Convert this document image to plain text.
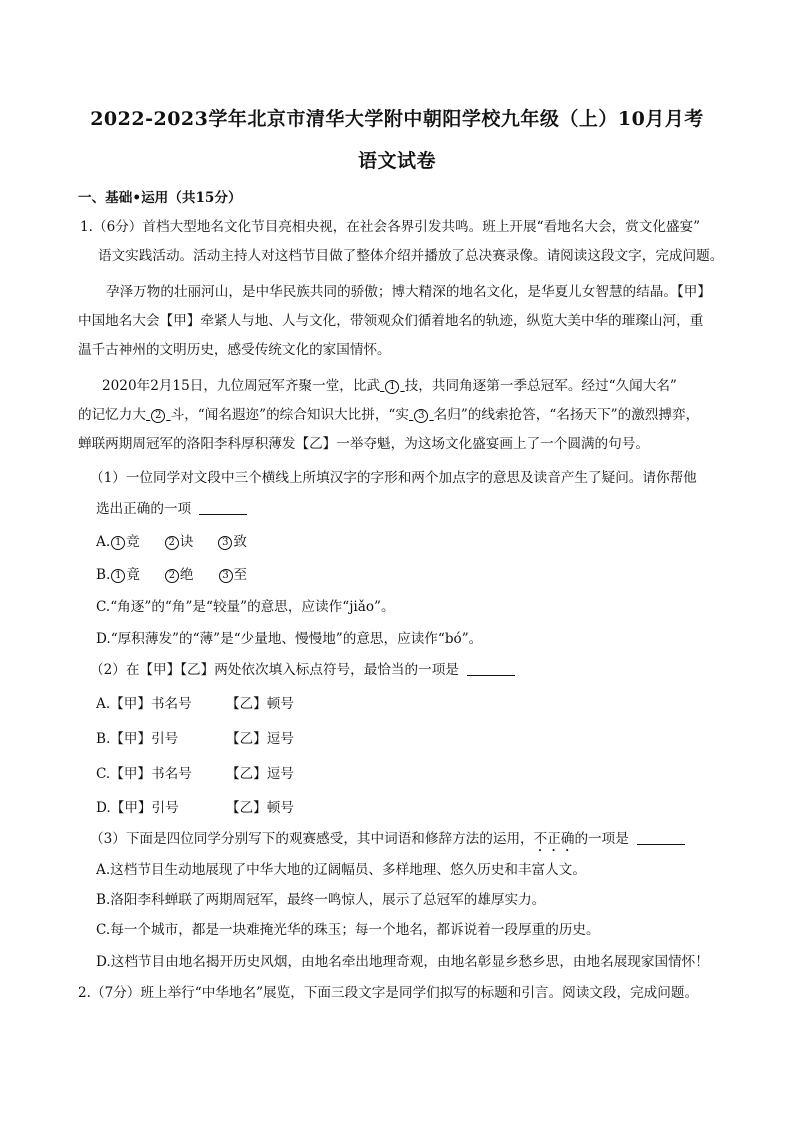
2022-2023学年北京市清华大学附中朝阳学校九年级（上）10月月考
语文试卷
一、基础•运用（共15分）
1.（6分）首档大型地名文化节目亮相央视，在社会各界引发共鸣。班上开展“看地名大会，赏文化盛宴”
语文实践活动。活动主持人对这档节目做了整体介绍并播放了总决赛录像。请阅读这段文字，完成问题。
孕泽万物的壮丽河山，是中华民族共同的骄傲；博大精深的地名文化，是华夏儿女智慧的结晶。【甲】
中国地名大会【甲】牵紧人与地、人与文化，带领观众们循着地名的轨迹，纵览大美中华的璀璨山河，重
温千古神州的文明历史，感受传统文化的家国情怀。
2020年2月15日，九位周冠军齐聚一堂，比武 1 技，共同角逐第一季总冠军。经过“久闻大名”
的记忆力大 2 斗，“闻名遐迩”的综合知识大比拼，“实 3 名归”的线索抢答，“名扬天下”的激烈搏弈，
蝉联两期周冠军的洛阳李科厚积薄发【乙】一举夺魁，为这场文化盛宴画上了一个圆满的句号。
（1）一位同学对文段中三个横线上所填汉字的字形和两个加点字的意思及读音产生了疑问。请你帮他
选出正确的一项
A. 1 竞	2 诀	3 致
B. 1 竟	2 绝	3 至
C.“角逐”的“角”是“较量”的意思，应读作“jiǎo”。
D.“厚积薄发”的“薄”是“少量地、慢慢地”的意思，应读作“bó”。
（2）在【甲】【乙】两处依次填入标点符号，最恰当的一项是
A.【甲】书名号	【乙】顿号
B.【甲】引号	【乙】逗号
C.【甲】书名号	【乙】逗号
D.【甲】引号	【乙】顿号
（3）下面是四位同学分别写下的观赛感受，其中词语和修辞方法的运用，不正确的一项是
A.这档节目生动地展现了中华大地的辽阔幅员、多样地理、悠久历史和丰富人文。
B.洛阳李科蝉联了两期周冠军，最终一鸣惊人，展示了总冠军的雄厚实力。
C.每一个城市，都是一块难掩光华的珠玉；每一个地名，都诉说着一段厚重的历史。
D.这档节目由地名揭开历史风烟，由地名牵出地理奇观，由地名彰显乡愁乡思，由地名展现家国情怀！
2.（7分）班上举行“中华地名”展览，下面三段文字是同学们拟写的标题和引言。阅读文段，完成问题。
